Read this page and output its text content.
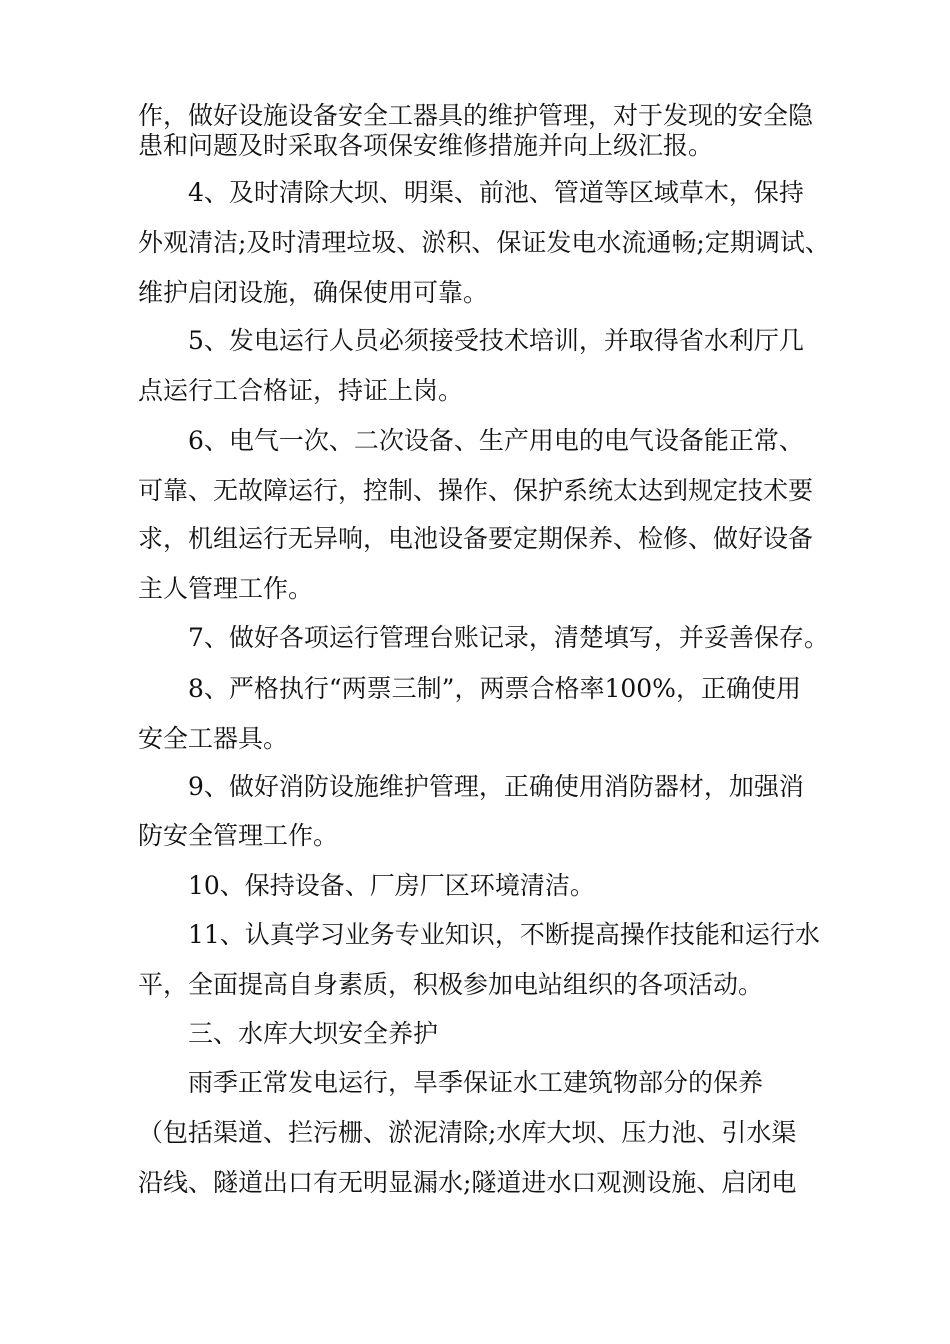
作，做好设施设备安全工器具的维护管理，对于发现的安全隐
患和问题及时采取各项保安维修措施并向上级汇报。
4、及时清除大坝、明渠、前池、管道等区域草木，保持
外观清洁;及时清理垃圾、淤积、保证发电水流通畅;定期调试、
维护启闭设施，确保使用可靠。
5、发电运行人员必须接受技术培训，并取得省水利厅几
点运行工合格证，持证上岗。
6、电气一次、二次设备、生产用电的电气设备能正常、
可靠、无故障运行，控制、操作、保护系统太达到规定技术要
求，机组运行无异响，电池设备要定期保养、检修、做好设备
主人管理工作。
7、做好各项运行管理台账记录，清楚填写，并妥善保存。
8、严格执行“两票三制”，两票合格率100%，正确使用
安全工器具。
9、做好消防设施维护管理，正确使用消防器材，加强消
防安全管理工作。
10、保持设备、厂房厂区环境清洁。
11、认真学习业务专业知识，不断提高操作技能和运行水
平，全面提高自身素质，积极参加电站组织的各项活动。
三、水库大坝安全养护
雨季正常发电运行，旱季保证水工建筑物部分的保养
（包括渠道、拦污栅、淤泥清除;水库大坝、压力池、引水渠
沿线、隧道出口有无明显漏水;隧道进水口观测设施、启闭电
